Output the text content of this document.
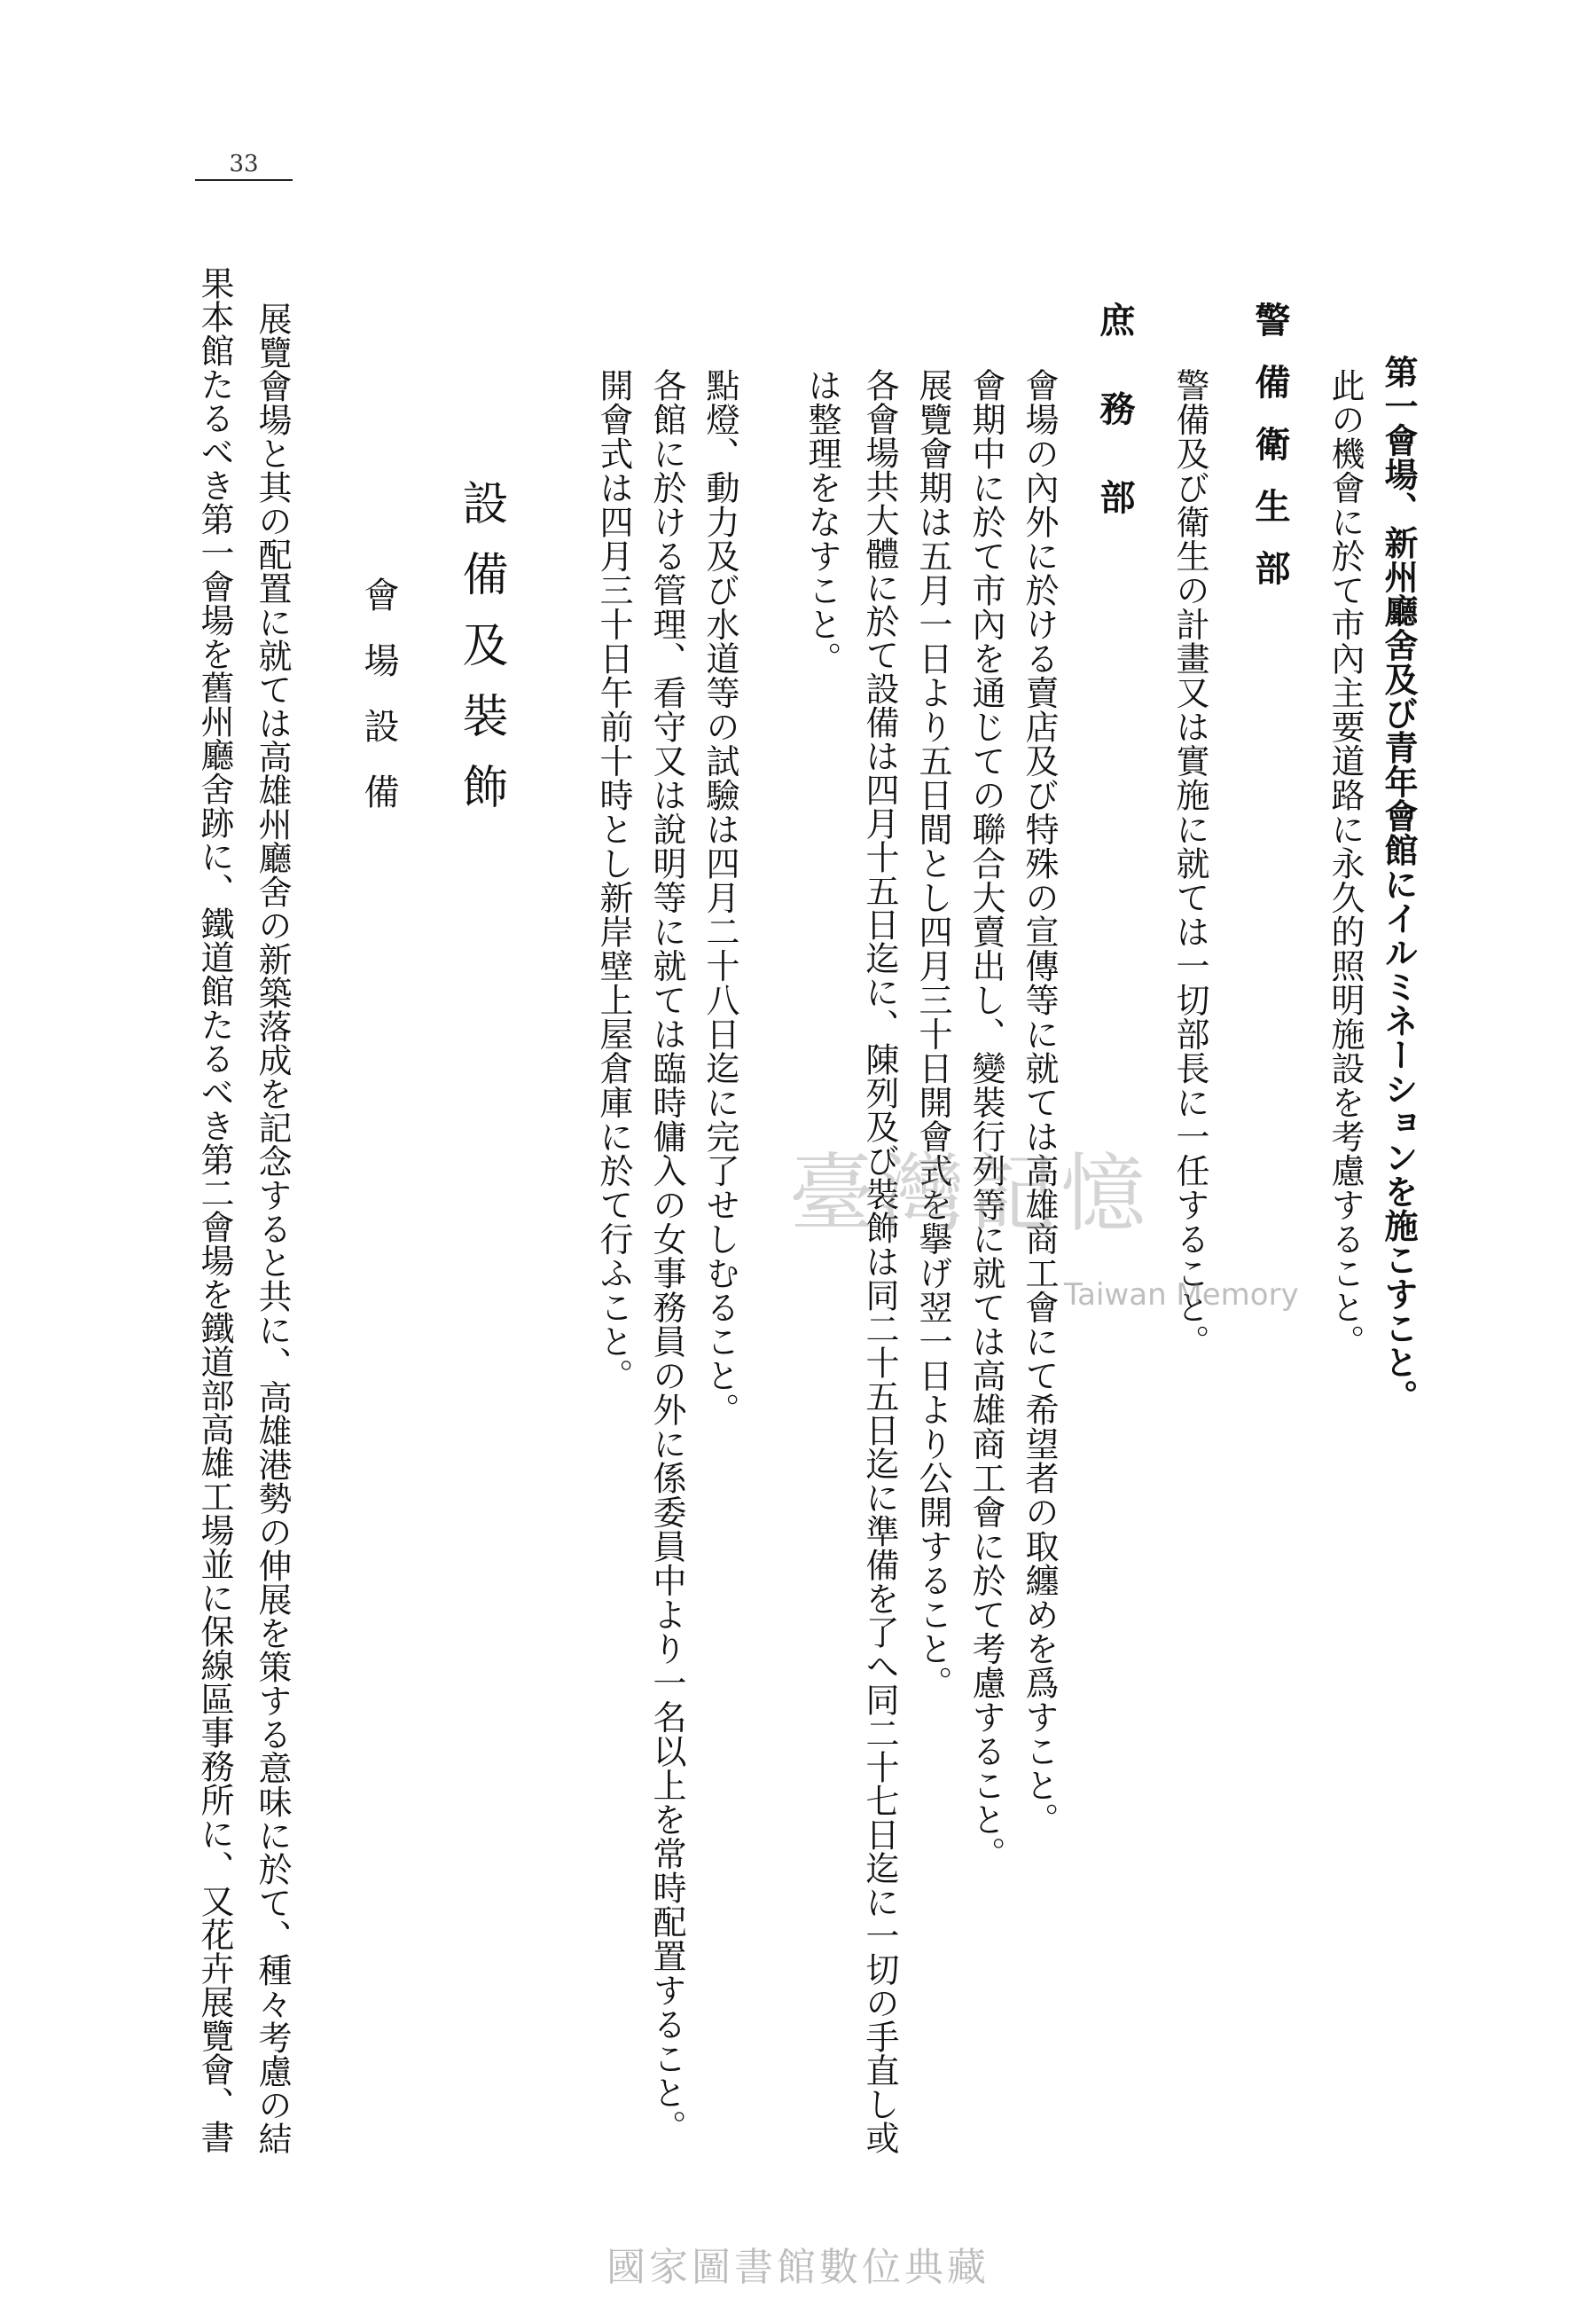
33
第一會場、新州廳舍及び青年會館にイルミネーションを施こすこと。
此の機會に於て市內主要道路に永久的照明施設を考慮すること。
警備衛生部
警備及び衛生の計畫又は實施に就ては一切部長に一任すること。
庶務部
會場の內外に於ける賣店及び特殊の宣傳等に就ては高雄商工會にて希望者の取纏めを爲すこと。
會期中に於て市內を通じての聯合大賣出し、變裝行列等に就ては高雄商工會に於て考慮すること。
展覽會期は五月一日より五日間とし四月三十日開會式を擧げ翌一日より公開すること。
各會場共大體に於て設備は四月十五日迄に、陳列及び裝飾は同二十五日迄に準備を了へ同二十七日迄に一切の手直し或
は整理をなすこと。
點燈、動力及び水道等の試驗は四月二十八日迄に完了せしむること。
各館に於ける管理、看守又は說明等に就ては臨時傭入の女事務員の外に係委員中より一名以上を常時配置すること。
開會式は四月三十日午前十時とし新岸壁上屋倉庫に於て行ふこと。
設備及裝飾
會場設備
展覽會場と其の配置に就ては高雄州廳舍の新築落成を記念すると共に、高雄港勢の伸展を策する意味に於て、種々考慮の結
果本館たるべき第一會場を舊州廳舍跡に、鐵道館たるべき第二會場を鐵道部高雄工場並に保線區事務所に、又花卉展覽會、書	臺灣記憶
Taiwan Memory
國家圖書館數位典藏
